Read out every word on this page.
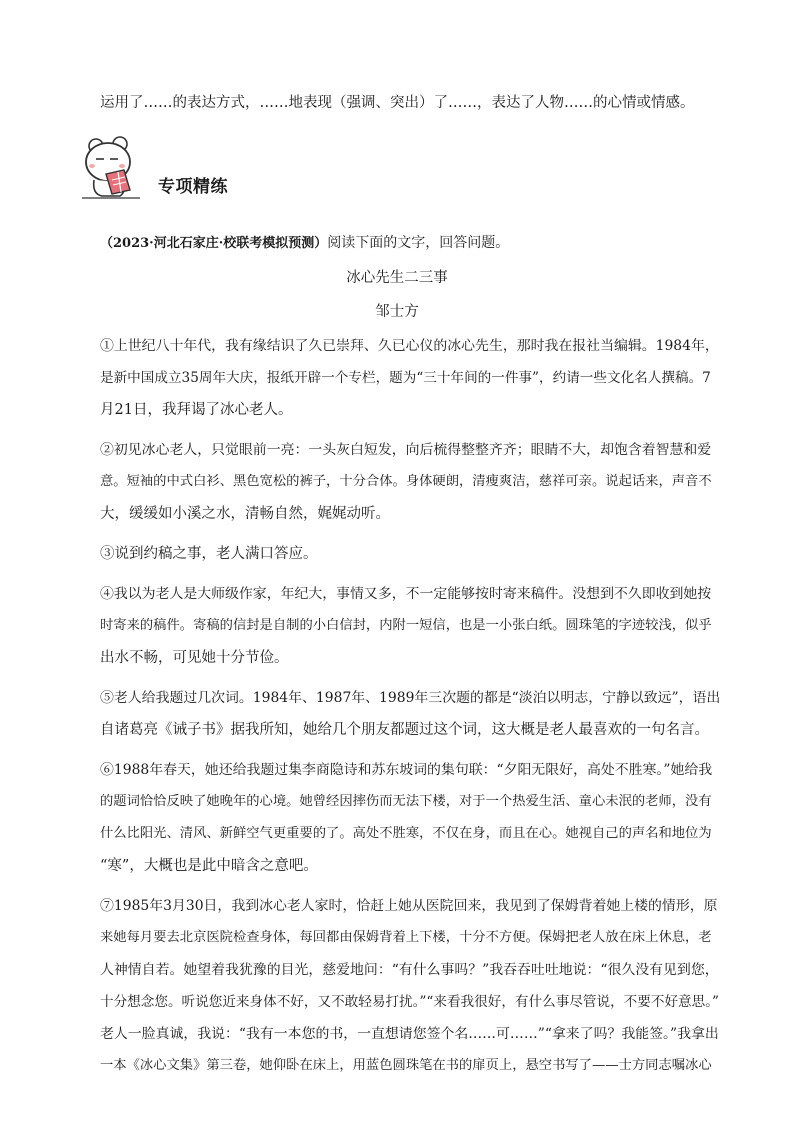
运用了……的表达方式，……地表现（强调、突出）了……，表达了人物……的心情或情感。
专项精练
（2023·河北石家庄·校联考模拟预测）阅读下面的文字，回答问题。
冰心先生二三事
邹士方
①上世纪八十年代，我有缘结识了久已崇拜、久已心仪的冰心先生，那时我在报社当编辑。1984年，
是新中国成立35周年大庆，报纸开辟一个专栏，题为“三十年间的一件事”，约请一些文化名人撰稿。7
月21日，我拜谒了冰心老人。
②初见冰心老人，只觉眼前一亮：一头灰白短发，向后梳得整整齐齐；眼睛不大，却饱含着智慧和爱
意。短袖的中式白衫、黑色宽松的裤子，十分合体。身体硬朗，清瘦爽洁，慈祥可亲。说起话来，声音不
大，缓缓如小溪之水，清畅自然，娓娓动听。
③说到约稿之事，老人满口答应。
④我以为老人是大师级作家，年纪大，事情又多，不一定能够按时寄来稿件。没想到不久即收到她按
时寄来的稿件。寄稿的信封是自制的小白信封，内附一短信，也是一小张白纸。圆珠笔的字迹较浅，似乎
出水不畅，可见她十分节俭。
⑤老人给我题过几次词。1984年、1987年、1989年三次题的都是“淡泊以明志，宁静以致远”，语出
自诸葛亮《诫子书》据我所知，她给几个朋友都题过这个词，这大概是老人最喜欢的一句名言。
⑥1988年春天，她还给我题过集李商隐诗和苏东坡词的集句联：“夕阳无限好，高处不胜寒。”她给我
的题词恰恰反映了她晚年的心境。她曾经因摔伤而无法下楼，对于一个热爱生活、童心未泯的老师，没有
什么比阳光、清风、新鲜空气更重要的了。高处不胜寒，不仅在身，而且在心。她视自己的声名和地位为
“寒”，大概也是此中暗含之意吧。
⑦1985年3月30日，我到冰心老人家时，恰赶上她从医院回来，我见到了保姆背着她上楼的情形，原
来她每月要去北京医院检查身体，每回都由保姆背着上下楼，十分不方便。保姆把老人放在床上休息，老
人神情自若。她望着我犹豫的目光，慈爱地问：“有什么事吗？”我吞吞吐吐地说：“很久没有见到您，
十分想念您。听说您近来身体不好，又不敢轻易打扰。”“来看我很好，有什么事尽管说，不要不好意思。”
老人一脸真诚，我说：“我有一本您的书，一直想请您签个名……可……”“拿来了吗？我能签。”我拿出
一本《冰心文集》第三卷，她仰卧在床上，用蓝色圆珠笔在书的扉页上，悬空书写了——士方同志嘱冰心
